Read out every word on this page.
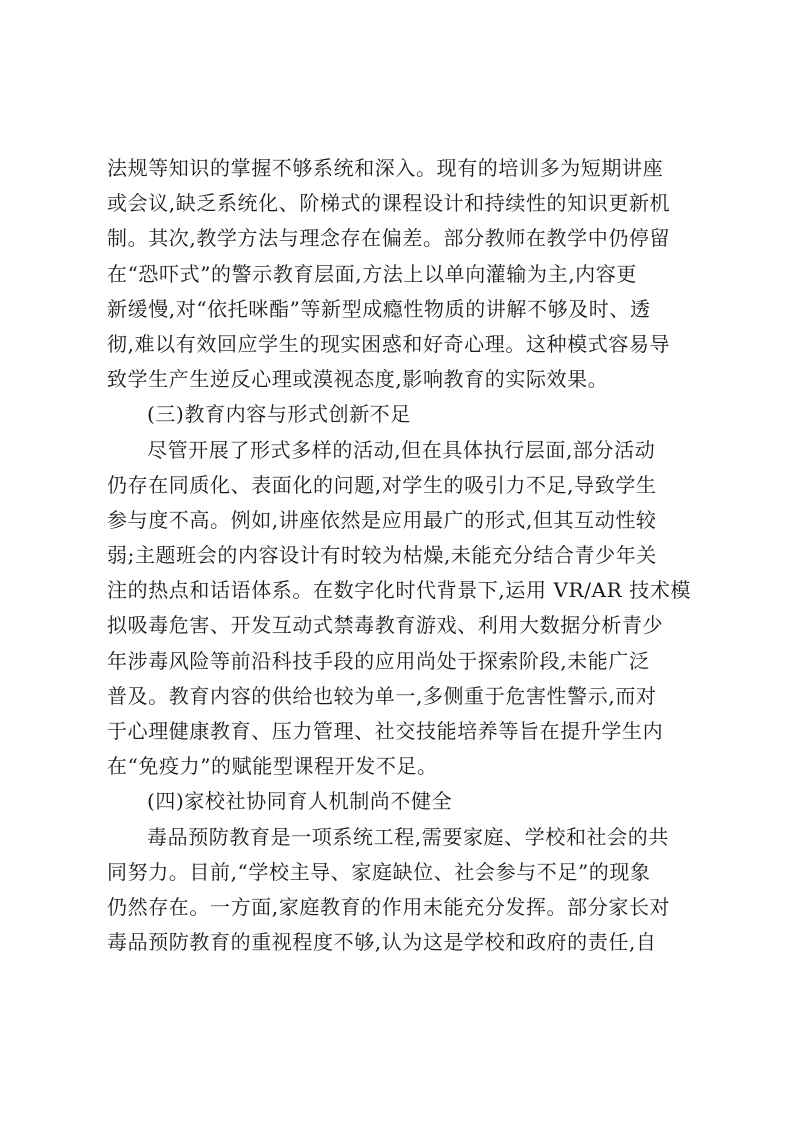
法规等知识的掌握不够系统和深入。现有的培训多为短期讲座
或会议,缺乏系统化、阶梯式的课程设计和持续性的知识更新机
制。其次,教学方法与理念存在偏差。部分教师在教学中仍停留
在“恐吓式”的警示教育层面,方法上以单向灌输为主,内容更
新缓慢,对“依托咪酯”等新型成瘾性物质的讲解不够及时、透
彻,难以有效回应学生的现实困惑和好奇心理。这种模式容易导
致学生产生逆反心理或漠视态度,影响教育的实际效果。
(三)教育内容与形式创新不足
尽管开展了形式多样的活动,但在具体执行层面,部分活动
仍存在同质化、表面化的问题,对学生的吸引力不足,导致学生
参与度不高。例如,讲座依然是应用最广的形式,但其互动性较
弱;主题班会的内容设计有时较为枯燥,未能充分结合青少年关
注的热点和话语体系。在数字化时代背景下,运用 VR/AR 技术模
拟吸毒危害、开发互动式禁毒教育游戏、利用大数据分析青少
年涉毒风险等前沿科技手段的应用尚处于探索阶段,未能广泛
普及。教育内容的供给也较为单一,多侧重于危害性警示,而对
于心理健康教育、压力管理、社交技能培养等旨在提升学生内
在“免疫力”的赋能型课程开发不足。
(四)家校社协同育人机制尚不健全
毒品预防教育是一项系统工程,需要家庭、学校和社会的共
同努力。目前,“学校主导、家庭缺位、社会参与不足”的现象
仍然存在。一方面,家庭教育的作用未能充分发挥。部分家长对
毒品预防教育的重视程度不够,认为这是学校和政府的责任,自
